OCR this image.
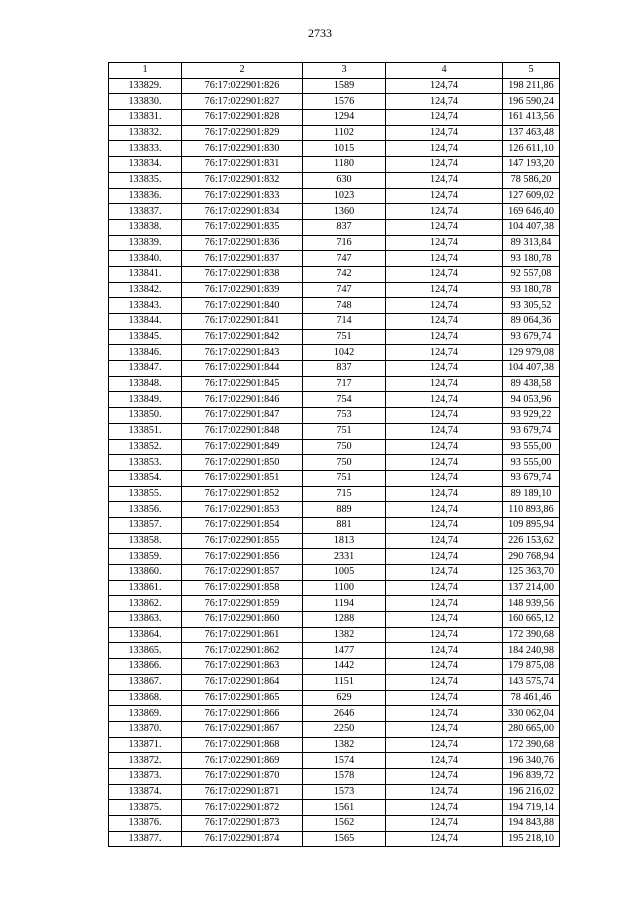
2733
1	2	3	4	5
133829.	76:17:022901:826	1589	124,74	198 211,86
133830.	76:17:022901:827	1576	124,74	196 590,24
133831.	76:17:022901:828	1294	124,74	161 413,56
133832.	76:17:022901:829	1102	124,74	137 463,48
133833.	76:17:022901:830	1015	124,74	126 611,10
133834.	76:17:022901:831	1180	124,74	147 193,20
133835.	76:17:022901:832	630	124,74	78 586,20
133836.	76:17:022901:833	1023	124,74	127 609,02
133837.	76:17:022901:834	1360	124,74	169 646,40
133838.	76:17:022901:835	837	124,74	104 407,38
133839.	76:17:022901:836	716	124,74	89 313,84
133840.	76:17:022901:837	747	124,74	93 180,78
133841.	76:17:022901:838	742	124,74	92 557,08
133842.	76:17:022901:839	747	124,74	93 180,78
133843.	76:17:022901:840	748	124,74	93 305,52
133844.	76:17:022901:841	714	124,74	89 064,36
133845.	76:17:022901:842	751	124,74	93 679,74
133846.	76:17:022901:843	1042	124,74	129 979,08
133847.	76:17:022901:844	837	124,74	104 407,38
133848.	76:17:022901:845	717	124,74	89 438,58
133849.	76:17:022901:846	754	124,74	94 053,96
133850.	76:17:022901:847	753	124,74	93 929,22
133851.	76:17:022901:848	751	124,74	93 679,74
133852.	76:17:022901:849	750	124,74	93 555,00
133853.	76:17:022901:850	750	124,74	93 555,00
133854.	76:17:022901:851	751	124,74	93 679,74
133855.	76:17:022901:852	715	124,74	89 189,10
133856.	76:17:022901:853	889	124,74	110 893,86
133857.	76:17:022901:854	881	124,74	109 895,94
133858.	76:17:022901:855	1813	124,74	226 153,62
133859.	76:17:022901:856	2331	124,74	290 768,94
133860.	76:17:022901:857	1005	124,74	125 363,70
133861.	76:17:022901:858	1100	124,74	137 214,00
133862.	76:17:022901:859	1194	124,74	148 939,56
133863.	76:17:022901:860	1288	124,74	160 665,12
133864.	76:17:022901:861	1382	124,74	172 390,68
133865.	76:17:022901:862	1477	124,74	184 240,98
133866.	76:17:022901:863	1442	124,74	179 875,08
133867.	76:17:022901:864	1151	124,74	143 575,74
133868.	76:17:022901:865	629	124,74	78 461,46
133869.	76:17:022901:866	2646	124,74	330 062,04
133870.	76:17:022901:867	2250	124,74	280 665,00
133871.	76:17:022901:868	1382	124,74	172 390,68
133872.	76:17:022901:869	1574	124,74	196 340,76
133873.	76:17:022901:870	1578	124,74	196 839,72
133874.	76:17:022901:871	1573	124,74	196 216,02
133875.	76:17:022901:872	1561	124,74	194 719,14
133876.	76:17:022901:873	1562	124,74	194 843,88
133877.	76:17:022901:874	1565	124,74	195 218,10
